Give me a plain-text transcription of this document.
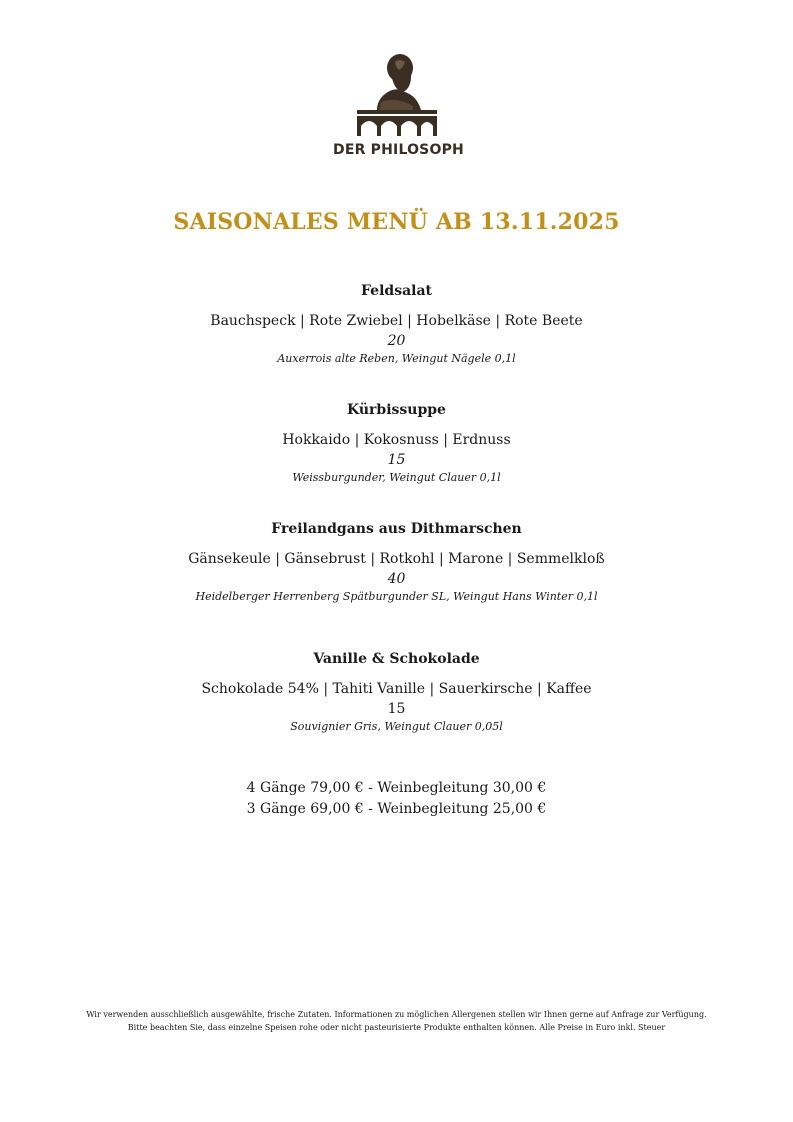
DER PHILOSOPH
SAISONALES MENÜ AB 13.11.2025
Feldsalat
Bauchspeck | Rote Zwiebel | Hobelkäse | Rote Beete
20
Auxerrois alte Reben, Weingut Nägele 0,1l
Kürbissuppe
Hokkaido | Kokosnuss | Erdnuss
15
Weissburgunder, Weingut Clauer 0,1l
Freilandgans aus Dithmarschen
Gänsekeule | Gänsebrust | Rotkohl | Marone | Semmelkloß
40
Heidelberger Herrenberg Spätburgunder SL, Weingut Hans Winter 0,1l
Vanille & Schokolade
Schokolade 54% | Tahiti Vanille | Sauerkirsche | Kaffee
15
Souvignier Gris, Weingut Clauer 0,05l
4 Gänge 79,00 € - Weinbegleitung 30,00 €
3 Gänge 69,00 € - Weinbegleitung 25,00 €
Wir verwenden ausschließlich ausgewählte, frische Zutaten. Informationen zu möglichen Allergenen stellen wir Ihnen gerne auf Anfrage zur Verfügung.
Bitte beachten Sie, dass einzelne Speisen rohe oder nicht pasteurisierte Produkte enthalten können. Alle Preise in Euro inkl. Steuer
